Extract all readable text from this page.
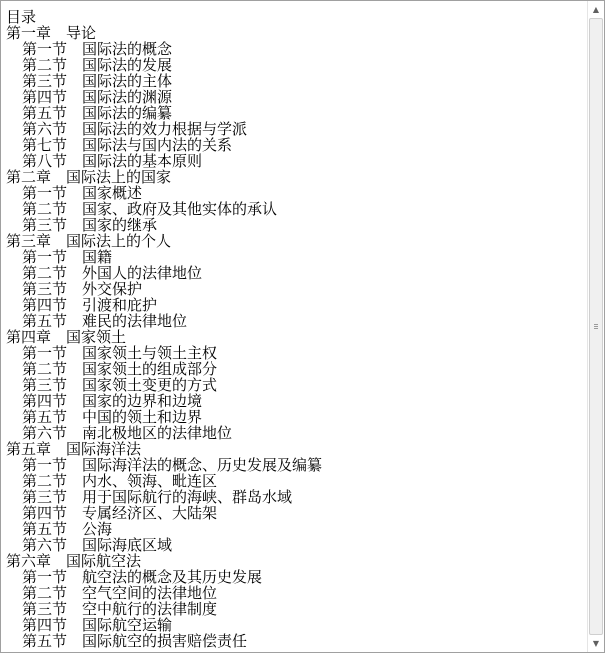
目录
第一章　导论
第一节　国际法的概念
第二节　国际法的发展
第三节　国际法的主体
第四节　国际法的渊源
第五节　国际法的编纂
第六节　国际法的效力根据与学派
第七节　国际法与国内法的关系
第八节　国际法的基本原则
第二章　国际法上的国家
第一节　国家概述
第二节　国家、政府及其他实体的承认
第三节　国家的继承
第三章　国际法上的个人
第一节　国籍
第二节　外国人的法律地位
第三节　外交保护
第四节　引渡和庇护
第五节　难民的法律地位
第四章　国家领土
第一节　国家领土与领土主权
第二节　国家领土的组成部分
第三节　国家领土变更的方式
第四节　国家的边界和边境
第五节　中国的领土和边界
第六节　南北极地区的法律地位
第五章　国际海洋法
第一节　国际海洋法的概念、历史发展及编纂
第二节　内水、领海、毗连区
第三节　用于国际航行的海峡、群岛水域
第四节　专属经济区、大陆架
第五节　公海
第六节　国际海底区域
第六章　国际航空法
第一节　航空法的概念及其历史发展
第二节　空气空间的法律地位
第三节　空中航行的法律制度
第四节　国际航空运输
第五节　国际航空的损害赔偿责任
▲
▼
